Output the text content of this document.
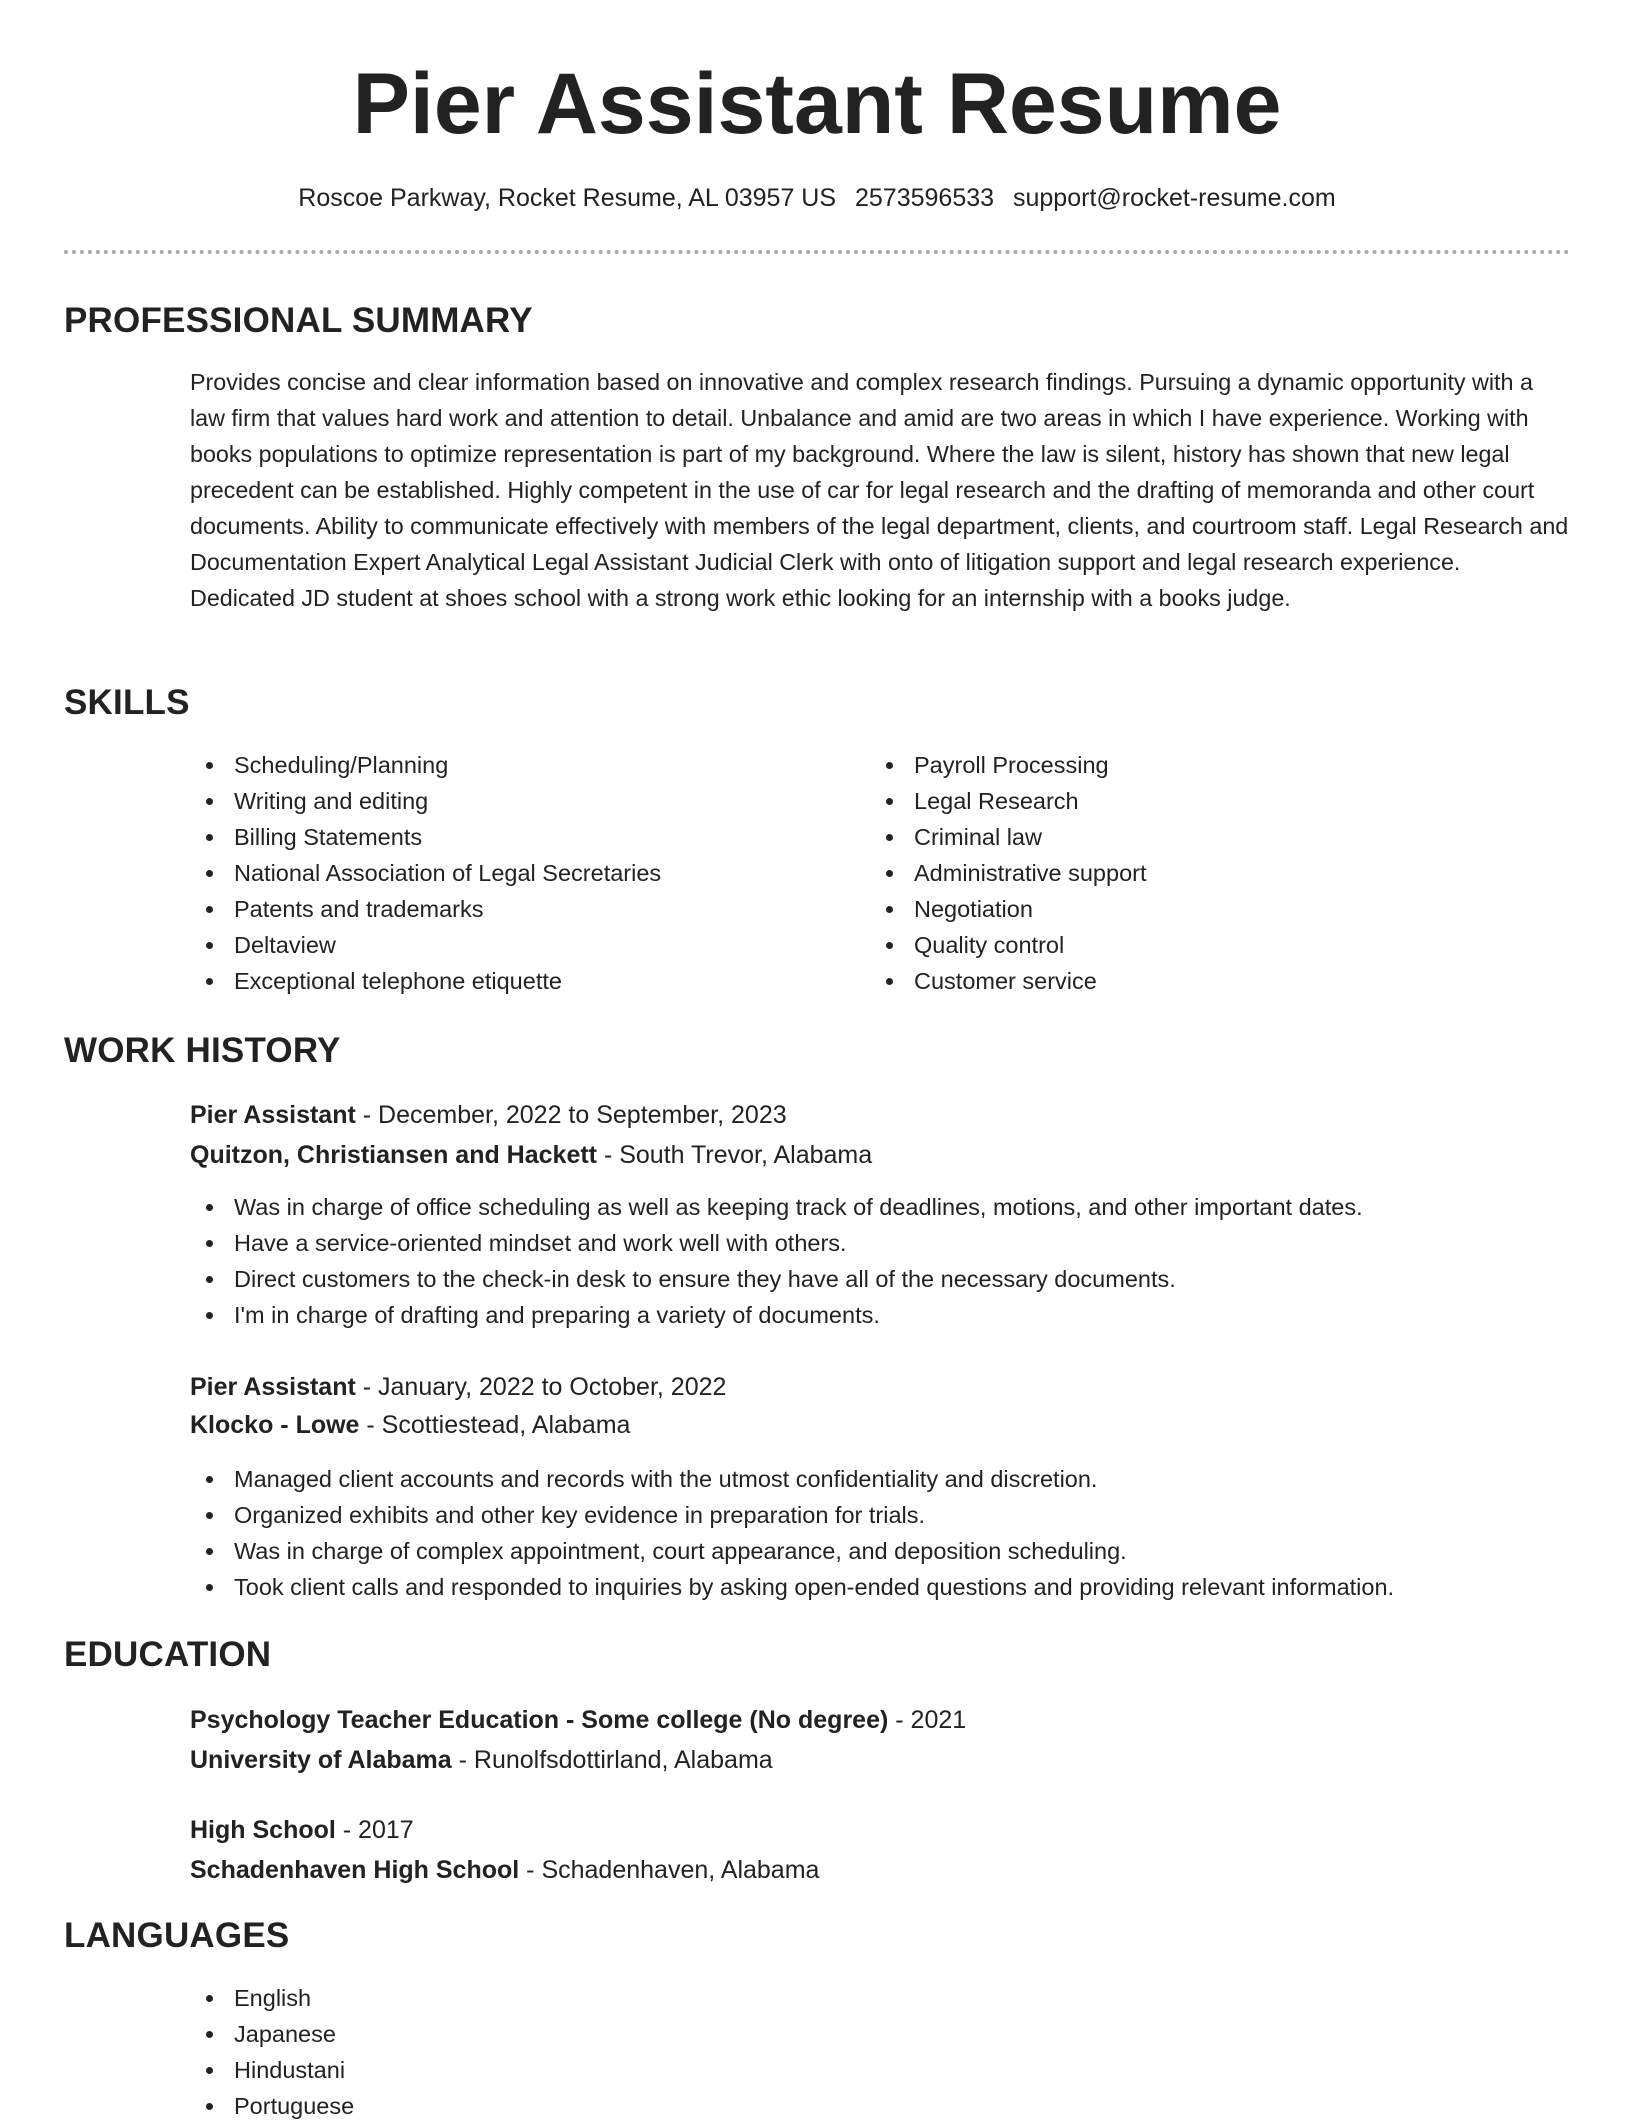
Pier Assistant Resume
Roscoe Parkway, Rocket Resume, AL 03957 US 2573596533 support@rocket-resume.com
PROFESSIONAL SUMMARY

Provides concise and clear information based on innovative and complex research findings. Pursuing a dynamic opportunity with a law firm that values hard work and attention to detail. Unbalance and amid are two areas in which I have experience. Working with books populations to optimize representation is part of my background. Where the law is silent, history has shown that new legal precedent can be established. Highly competent in the use of car for legal research and the drafting of memoranda and other court documents. Ability to communicate effectively with members of the legal department, clients, and courtroom staff. Legal Research and Documentation Expert Analytical Legal Assistant Judicial Clerk with onto of litigation support and legal research experience. Dedicated JD student at shoes school with a strong work ethic looking for an internship with a books judge.

SKILLS
Scheduling/Planning
Writing and editing
Billing Statements
National Association of Legal Secretaries
Patents and trademarks
Deltaview
Exceptional telephone etiquette
Payroll Processing
Legal Research
Criminal law
Administrative support
Negotiation
Quality control
Customer service
WORK HISTORY
Pier Assistant - December, 2022 to September, 2023
Quitzon, Christiansen and Hackett - South Trevor, Alabama
Was in charge of office scheduling as well as keeping track of deadlines, motions, and other important dates.
Have a service-oriented mindset and work well with others.
Direct customers to the check-in desk to ensure they have all of the necessary documents.
I'm in charge of drafting and preparing a variety of documents.
Pier Assistant - January, 2022 to October, 2022
Klocko - Lowe - Scottiestead, Alabama
Managed client accounts and records with the utmost confidentiality and discretion.
Organized exhibits and other key evidence in preparation for trials.
Was in charge of complex appointment, court appearance, and deposition scheduling.
Took client calls and responded to inquiries by asking open-ended questions and providing relevant information.
EDUCATION
Psychology Teacher Education - Some college (No degree) - 2021
University of Alabama - Runolfsdottirland, Alabama
High School - 2017
Schadenhaven High School - Schadenhaven, Alabama
LANGUAGES
English
Japanese
Hindustani
Portuguese
